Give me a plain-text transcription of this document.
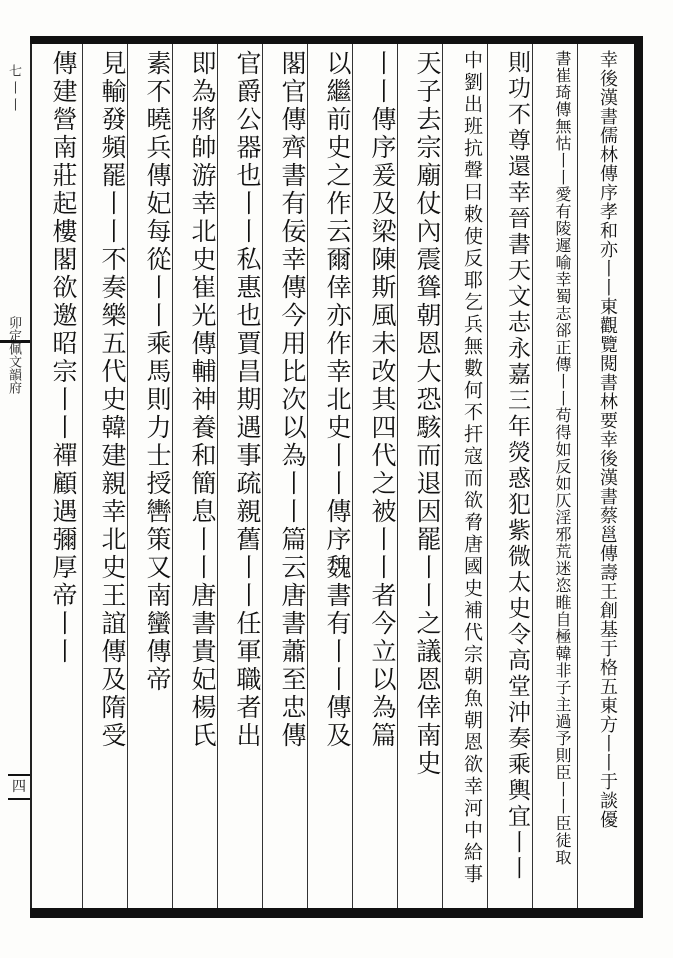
七 丨 丨
卯定佩文韻府
四	幸後漢書儒林傳序孝和亦丨丨東觀覽閱書林要幸後漢書蔡邕傳壽王創基于格五東方丨丨于談優
書崔琦傳無怙丨丨愛有陵遲喻幸蜀志郤正傳丨丨苟得如反如仄淫邪荒迷恣睢自極韓非子主過予則臣丨丨臣徒取
則功不尊還幸晉書天文志永嘉三年熒惑犯紫微太史令高堂沖奏乘輿宜丨丨
中劉出班抗聲曰敕使反耶乞兵無數何不扞寇而欲脅唐國史補代宗朝魚朝恩欲幸河中給事
天子去宗廟仗內震聳朝恩大恐駭而退因罷丨丨之議恩倖南史
丨丨傳序爰及梁陳斯風未改其四代之被丨丨者今立以為篇
以繼前史之作云爾倖亦作幸北史丨丨傳序魏書有丨丨傳及
閣官傳齊書有佞幸傳今用比次以為丨丨篇云唐書蕭至忠傳
官爵公器也丨丨私惠也賈昌期遇事疏親舊丨丨任軍職者出
即為將帥游幸北史崔光傳輔神養和簡息丨丨唐書貴妃楊氏
素不曉兵傳妃每從丨丨乘馬則力士授轡策又南蠻傳帝
見輸發頻罷丨丨不奏樂五代史韓建親幸北史王誼傳及隋受
傳建營南莊起樓閣欲邀昭宗丨丨禪顧遇彌厚帝丨丨
